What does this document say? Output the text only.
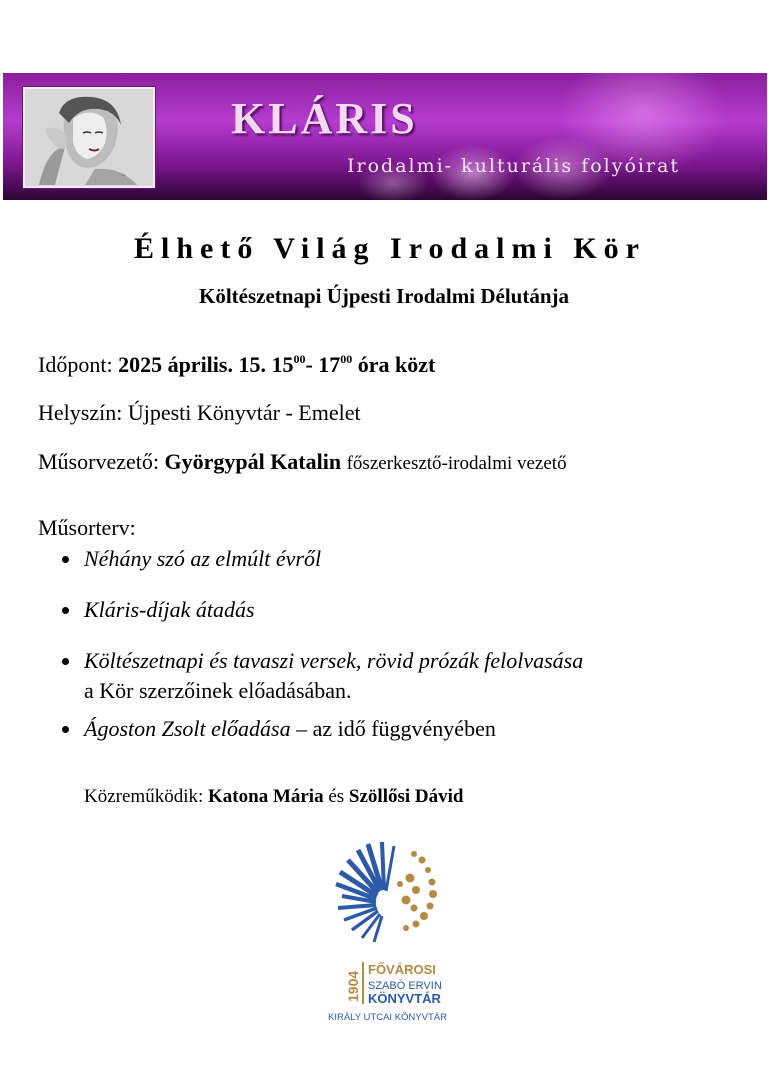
~
KLÁRIS
Irodalmi- kulturális folyóirat
Élhető Világ Irodalmi Kör
Költészetnapi Újpesti Irodalmi Délutánja
Időpont: 2025 április. 15. $15^{00}-$ $17^{00}$ óra közt
Helyszín: Újpesti Könyvtár - Emelet
Műsorvezető: Györgypál Katalin főszerkesztő-irodalmi vezető
Műsorterv:
Néhány szó az elmúlt évről
Kláris-díjak átadás
Költészetnapi és tavaszi versek, rövid prózák felolvasása
a Kör szerzőinek előadásában.
Ágoston Zsolt előadása – az idő függvényében
Közreműködik: Katona Mária és Szöllősi Dávid
1904
FŐVÁROSI
SZABÓ ERVIN
KÖNYVTÁR
KIRÁLY UTCAI KÖNYVTÁR
